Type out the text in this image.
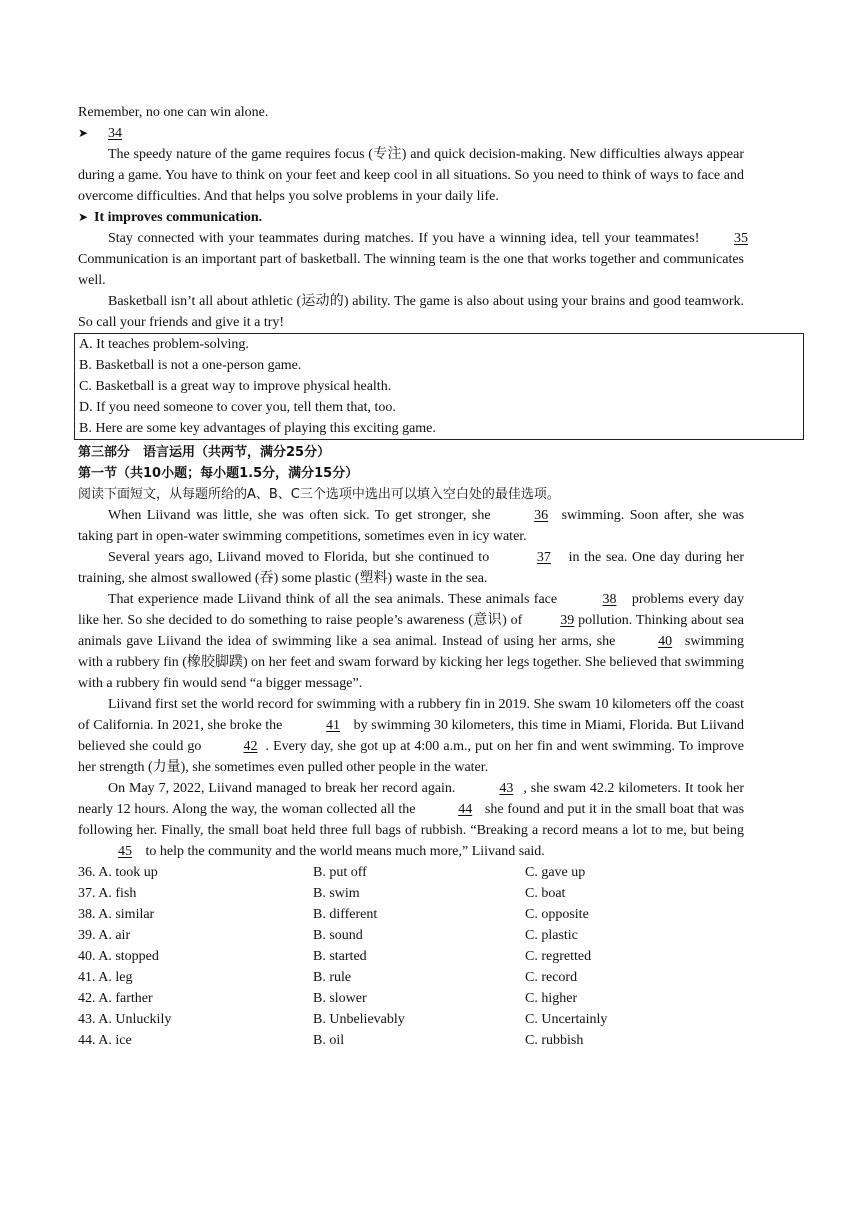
Remember, no one can win alone.

➤	34

The speedy nature of the game requires focus (专注) and quick decision-making. New difficulties always appear during a game. You have to think on your feet and keep cool in all situations. So you need to think of ways to face and overcome difficulties. And that helps you solve problems in your daily life.

➤ It improves communication.

Stay connected with your teammates during matches. If you have a winning idea, tell your teammates! 35 Communication is an important part of basketball. The winning team is the one that works together and communicates well.

Basketball isn’t all about athletic (运动的) ability. The game is also about using your brains and good teamwork. So call your friends and give it a try!

A. It teaches problem-solving.
B. Basketball is not a one-person game.
C. Basketball is a great way to improve physical health.
D. If you need someone to cover you, tell them that, too.
B. Here are some key advantages of playing this exciting game.

第三部分　语言运用（共两节，满分25分）

第一节（共10小题；每小题1.5分，满分15分）

阅读下面短文，从每题所给的A、B、C三个选项中选出可以填入空白处的最佳选项。

When Liivand was little, she was often sick. To get stronger, she	36 swimming. Soon after, she was taking part in open-water swimming competitions, sometimes even in icy water.

Several years ago, Liivand moved to Florida, but she continued to	37 in the sea. One day during her training, she almost swallowed (吞) some plastic (塑料) waste in the sea.

That experience made Liivand think of all the sea animals. These animals face	38 problems every day like her. So she decided to do something to raise people’s awareness (意识) of	39 pollution. Thinking about sea animals gave Liivand the idea of swimming like a sea animal. Instead of using her arms, she	40 swimming with a rubbery fin (橡胶脚蹼) on her feet and swam forward by kicking her legs together. She believed that swimming with a rubbery fin would send “a bigger message”.

Liivand first set the world record for swimming with a rubbery fin in 2019. She swam 10 kilometers off the coast of California. In 2021, she broke the	41 by swimming 30 kilometers, this time in Miami, Florida. But Liivand believed she could go	42 . Every day, she got up at 4:00 a.m., put on her fin and went swimming. To improve her strength (力量), she sometimes even pulled other people in the water.

On May 7, 2022, Liivand managed to break her record again.	43 , she swam 42.2 kilometers. It took her nearly 12 hours. Along the way, the woman collected all the	44 she found and put it in the small boat that was following her. Finally, the small boat held three full bags of rubbish. “Breaking a record means a lot to me, but being 45 to help the community and the world means much more,” Liivand said.

36. A. took up	B. put off	C. gave up
37. A. fish	B. swim	C. boat
38. A. similar	B. different	C. opposite
39. A. air	B. sound	C. plastic
40. A. stopped	B. started	C. regretted
41. A. leg	B. rule	C. record
42. A. farther	B. slower	C. higher
43. A. Unluckily	B. Unbelievably	C. Uncertainly
44. A. ice	B. oil	C. rubbish
